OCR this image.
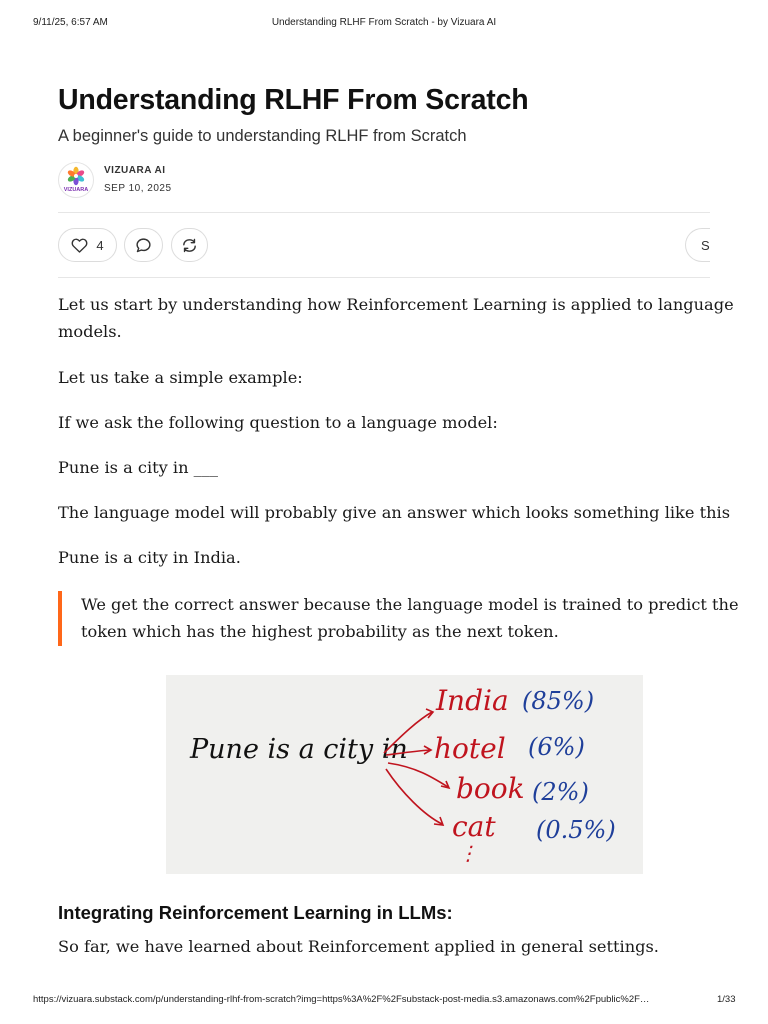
9/11/25, 6:57 AM	Understanding RLHF From Scratch - by Vizuara AI
Understanding RLHF From Scratch
A beginner's guide to understanding RLHF from Scratch
VIZUARA
VIZUARA AI
SEP 10, 2025
4	S
Let us start by understanding how Reinforcement Learning is applied to language
models.
Let us take a simple example:
If we ask the following question to a language model:
Pune is a city in ___
The language model will probably give an answer which looks something like this
Pune is a city in India.
We get the correct answer because the language model is trained to predict the
token which has the highest probability as the next token.
Pune is a city in
India
hotel
book
cat
⋮
(85%)
(6%)
(2%)
(0.5%)
Integrating Reinforcement Learning in LLMs:
So far, we have learned about Reinforcement applied in general settings.
https://vizuara.substack.com/p/understanding-rlhf-from-scratch?img=https%3A%2F%2Fsubstack-post-media.s3.amazonaws.com%2Fpublic%2F…	1/33
